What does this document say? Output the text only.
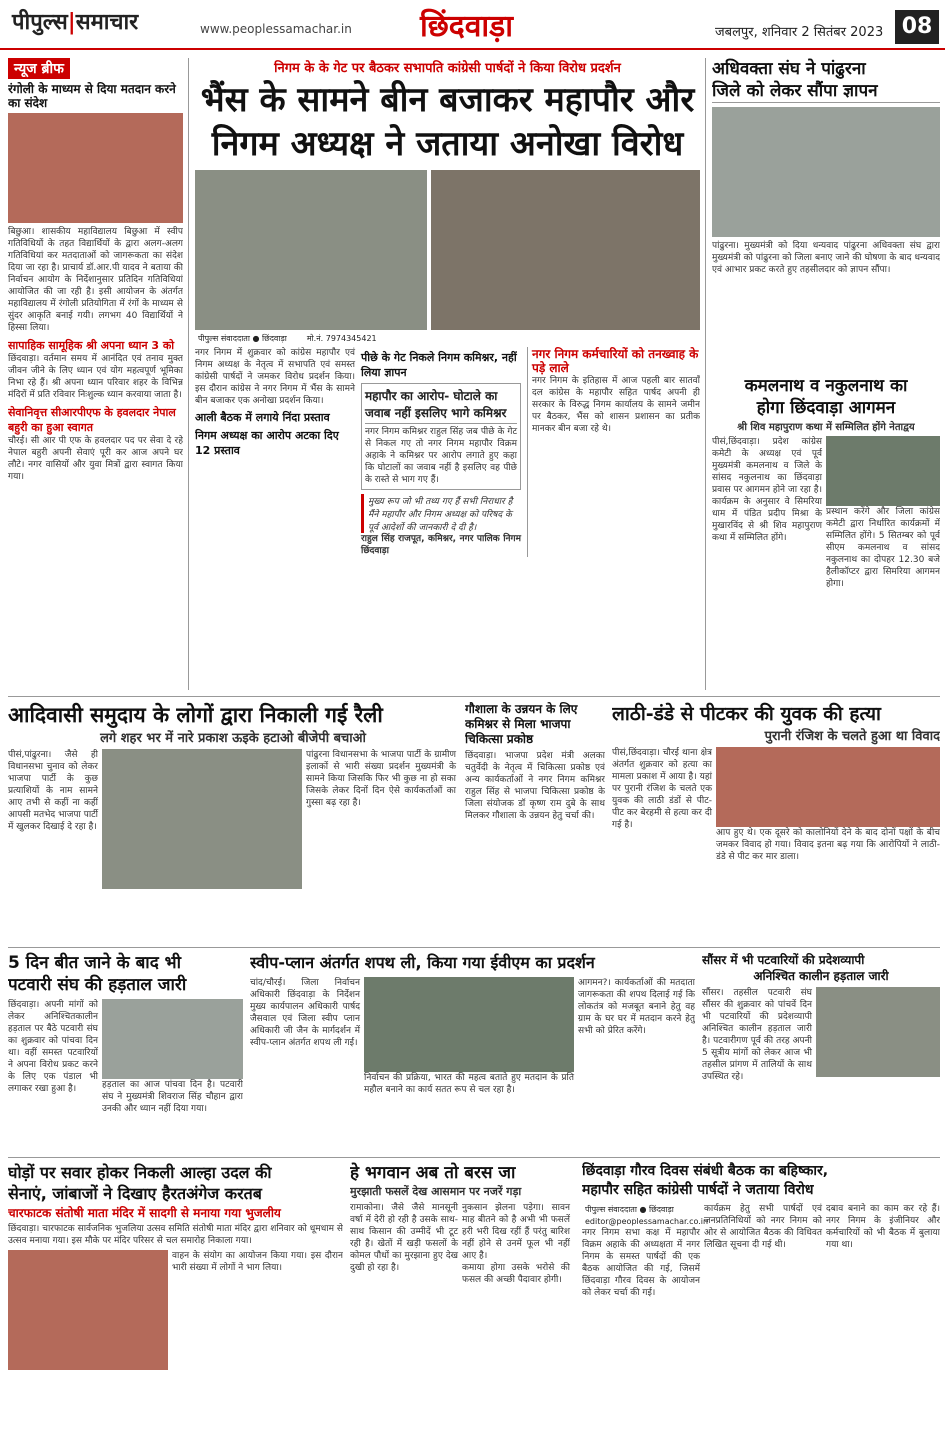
पीपुल्स|समाचार	www.peoplessamachar.in छिंदवाड़ा	जबलपुर, शनिवार 2 सितंबर 2023 08
न्यूज ब्रीफ
रंगोली के माध्यम से दिया मतदान करने का संदेश
बिछुआ। शासकीय महाविद्यालय बिछुआ में स्वीप गतिविधियों के तहत विद्यार्थियों के द्वारा अलग-अलग गतिविधियां कर मतदाताओं को जागरूकता का संदेश दिया जा रहा है। प्राचार्य डॉ.आर.पी यादव ने बताया की निर्वाचन आयोग के निर्देशानुसार प्रतिदिन गतिविधियां आयोजित की जा रही है। इसी आयोजन के अंतर्गत महाविद्यालय में रंगोली प्रतियोगिता में रंगों के माध्यम से सुंदर आकृति बनाई गयी। लगभग 40 विद्यार्थियों ने हिस्सा लिया।
सापाहिक सामूहिक श्री अपना ध्यान 3 को
छिंदवाड़ा। वर्तमान समय में आनंदित एवं तनाव मुक्त जीवन जीने के लिए ध्यान एवं योग महत्वपूर्ण भूमिका निभा रहे हैं। श्री अपना ध्यान परिवार शहर के विभिन्न मंदिरों में प्रति रविवार निःशुल्क ध्यान करवाया जाता है।
सेवानिवृत्त सीआरपीएफ के हवलदार नेपाल बहुरी का हुआ स्वागत
चौरई। सी आर पी एफ के हवलदार पद पर सेवा दे रहे नेपाल बहुरी अपनी सेवाएं पूरी कर आज अपने घर लौटे। नगर वासियों और युवा मित्रों द्वारा स्वागत किया गया।
निगम के के गेट पर बैठकर सभापति कांग्रेसी पार्षदों ने किया विरोध प्रदर्शन
भैंस के सामने बीन बजाकर महापौर और
निगम अध्यक्ष ने जताया अनोखा विरोध
पीपुल्स संवाददाता ● छिंदवाड़ा	मो.नं. 7974345421
नगर निगम में शुक्रवार को कांग्रेस महापौर एवं निगम अध्यक्ष के नेतृत्व में सभापति एवं समस्त कांग्रेसी पार्षदों ने जमकर विरोध प्रदर्शन किया। इस दौरान कांग्रेस ने नगर निगम में भैंस के सामने बीन बजाकर एक अनोखा प्रदर्शन किया।
आली बैठक में लगाये निंदा प्रस्ताव
निगम अध्यक्ष का आरोप अटका दिए 12 प्रस्ताव
पीछे के गेट निकले निगम कमिश्नर, नहीं लिया ज्ञापन
महापौर का आरोप- घोटाले का जवाब नहीं इसलिए भागे कमिश्नर
नगर निगम कमिश्नर राहुल सिंह जब पीछे के गेट से निकल गए तो नगर निगम महापौर विक्रम अहाके ने कमिश्नर पर आरोप लगाते हुए कहा कि घोटालों का जवाब नहीं है इसलिए वह पीछे के रास्ते से भाग गए हैं।
मुख्य रूप जो भी तथ्य गए हैं सभी निराधार है मैंने महापौर और निगम अध्यक्ष को परिषद के पूर्व आदेशों की जानकारी दे दी है।
राहुल सिंह राजपूत, कमिश्नर, नगर पालिक निगम छिंदवाड़ा
नगर निगम कर्मचारियों को तनख्वाह के पड़े लाले
नगर निगम के इतिहास में आज पहली बार सातवाँ दल कांग्रेस के महापौर सहित पार्षद अपनी ही सरकार के विरुद्ध निगम कार्यालय के सामने जमीन पर बैठकर, भैंस को शासन प्रशासन का प्रतीक मानकर बीन बजा रहे थे।
अधिवक्ता संघ ने पांढुरना
जिले को लेकर सौंपा ज्ञापन
पांढुरना। मुख्यमंत्री को दिया धन्यवाद पांढुरना अधिवक्ता संघ द्वारा मुख्यमंत्री को पांढुरना को जिला बनाए जाने की घोषणा के बाद धन्यवाद एवं आभार प्रकट करते हुए तहसीलदार को ज्ञापन सौंपा।
कमलनाथ व नकुलनाथ का
होगा छिंदवाड़ा आगमन
श्री शिव महापुराण कथा में सम्मिलित होंगे नेताद्वय
पीसं,छिंदवाड़ा। प्रदेश कांग्रेस कमेटी के अध्यक्ष एवं पूर्व मुख्यमंत्री कमलनाथ व जिले के सांसद नकुलनाथ का छिंदवाड़ा प्रवास पर आगमन होने जा रहा है। कार्यक्रम के अनुसार वे सिमरिया धाम में पंडित प्रदीप मिश्रा के मुखारविंद से श्री शिव महापुराण कथा में सम्मिलित होंगे।
प्रस्थान करेंगे और जिला कांग्रेस कमेटी द्वारा निर्धारित कार्यक्रमों में सम्मिलित होंगे। 5 सितम्बर को पूर्व सीएम कमलनाथ व सांसद नकुलनाथ का दोपहर 12.30 बजे हैलीकॉप्टर द्वारा सिमरिया आगमन होगा।
आदिवासी समुदाय के लोगों द्वारा निकाली गई रैली
लगे शहर भर में नारे प्रकाश ऊइके हटाओ बीजेपी बचाओ
पीसं,पांढुरना। जैसे ही विधानसभा चुनाव को लेकर भाजपा पार्टी के कुछ प्रत्याशियों के नाम सामने आए तभी से कहीं ना कहीं आपसी मतभेद भाजपा पार्टी में खुलकर दिखाई दे रहा है।
पांढुरना विधानसभा के भाजपा पार्टी के ग्रामीण इलाकों से भारी संख्या प्रदर्शन मुख्यमंत्री के सामने किया जिसकि फिर भी कुछ ना हो सका जिसके लेकर दिनों दिन ऐसे कार्यकर्ताओं का गुस्सा बढ़ रहा है।
गौशाला के उन्नयन के लिए कमिश्नर से मिला भाजपा चिकित्सा प्रकोष्ठ
छिंदवाड़ा। भाजपा प्रदेश मंत्री अलका चतुर्वेदी के नेतृत्व में चिकित्सा प्रकोष्ठ एवं अन्य कार्यकर्ताओं ने नगर निगम कमिश्नर राहुल सिंह से भाजपा चिकित्सा प्रकोष्ठ के जिला संयोजक डॉ कृष्ण राम दुबे के साथ मिलकर गौशाला के उन्नयन हेतु चर्चा की।
लाठी-डंडे से पीटकर की युवक की हत्या
पुरानी रंजिश के चलते हुआ था विवाद
पीसं,छिंदवाड़ा। चौरई थाना क्षेत्र अंतर्गत शुक्रवार को हत्या का मामला प्रकाश में आया है। यहां पर पुरानी रंजिश के चलते एक युवक की लाठी डंडों से पीट-पीट कर बेरहमी से हत्या कर दी गई है।
आप हुए थे। एक दूसरे को कालोनियों देने के बाद दोनों पक्षों के बीच जमकर विवाद हो गया। विवाद इतना बढ़ गया कि आरोपियों ने लाठी-डंडे से पीट कर मार डाला।
5 दिन बीत जाने के बाद भी
पटवारी संघ की हड़ताल जारी
छिंदवाड़ा। अपनी मांगों को लेकर अनिश्चितकालीन हड़ताल पर बैठे पटवारी संघ का शुक्रवार को पांचवा दिन था। वहीं समस्त पटवारियों ने अपना विरोध प्रकट करने के लिए एक पंडाल भी लगाकर रखा हुआ है।	हड़ताल का आज पांचवा दिन है। पटवारी संघ ने मुख्यमंत्री शिवराज सिंह चौहान द्वारा उनकी और ध्यान नहीं दिया गया।
स्वीप-प्लान अंतर्गत शपथ ली, किया गया ईवीएम का प्रदर्शन
चांद/चौरई। जिला निर्वाचन अधिकारी छिंदवाड़ा के निर्देशन मुख्य कार्यपालन अधिकारी पार्षद जैसवाल एवं जिला स्वीप प्लान अधिकारी जी जैन के मार्गदर्शन में स्वीप-प्लान अंतर्गत शपथ ली गई।
निर्वाचन की प्रक्रिया, भारत की महत्व बताते हुए मतदान के प्रति महौल बनाने का कार्य सतत रूप से चल रहा है।
आगमन?। कार्यकर्ताओं की मतदाता जागरूकता की शपथ दिलाई गई कि लोकतंत्र को मजबूत बनाने हेतु वह ग्राम के घर घर में मतदान करने हेतु सभी को प्रेरित करेंगे।
सौंसर में भी पटवारियों की प्रदेशव्यापी
अनिश्चित कालीन हड़ताल जारी
सौंसर। तहसील पटवारी संघ सौंसर की शुक्रवार को पांचवें दिन भी पटवारियों की प्रदेशव्यापी अनिश्चित कालीन हड़ताल जारी है। पटवारीगण पूर्व की तरह अपनी 5 सूत्रीय मांगों को लेकर आज भी तहसील प्रांगण में तालियों के साथ उपस्थित रहे।
घोड़ों पर सवार होकर निकली आल्हा उदल की
सेनाएं, जांबाजों ने दिखाए हैरतअंगेज करतब
चारफाटक संतोषी माता मंदिर में सादगी से मनाया गया भुजलीय
छिंदवाड़ा। चारफाटक सार्वजनिक भुजलिया उत्सव समिति संतोषी माता मंदिर द्वारा शनिवार को धूमधाम से उत्सव मनाया गया। इस मौके पर मंदिर परिसर से चल समारोह निकाला गया।
वाहन के संयोग का आयोजन किया गया। इस दौरान भारी संख्या में लोगों ने भाग लिया।
हे भगवान अब तो बरस जा
मुरझाती फसलें देख आसमान पर नजरें गड़ा
रामाकोना। जैसे जैसे मानसूनी वर्षा में देरी हो रही है उसके साथ-साथ किसान की उम्मीदें भी टूट रही है। खेतों में खड़ी फसलों के कोमल पौधों का मुरझाना हुए देख दुखी हो रहा है।
नुकसान झेलना पड़ेगा। सावन माह बीतने को है अभी भी फसलें हरी भरी दिख रहीं हैं परंतु बारिश नहीं होने से उनमें फूल भी नहीं आए है।
कमाया होगा उसके भरोसे की फसल की अच्छी पैदावार होगी।
छिंदवाड़ा गौरव दिवस संबंधी बैठक का बहिष्कार,
महापौर सहित कांग्रेसी पार्षदों ने जताया विरोध
पीपुल्स संवाददाता ● छिंदवाड़ा
editor@peoplessamachar.co.in
नगर निगम सभा कक्ष में महापौर विक्रम अहाके की अध्यक्षता में नगर निगम के समस्त पार्षदों की एक बैठक आयोजित की गई, जिसमें छिंदवाड़ा गौरव दिवस के आयोजन को लेकर चर्चा की गई।
कार्यक्रम हेतु सभी पार्षदों एवं जनप्रतिनिधियों को नगर निगम को ओर से आयोजित बैठक की विधिवत लिखित सूचना दी गई थी।
दबाव बनाने का काम कर रहे हैं। नगर निगम के इंजीनियर और कर्मचारियों को भी बैठक में बुलाया गया था।
